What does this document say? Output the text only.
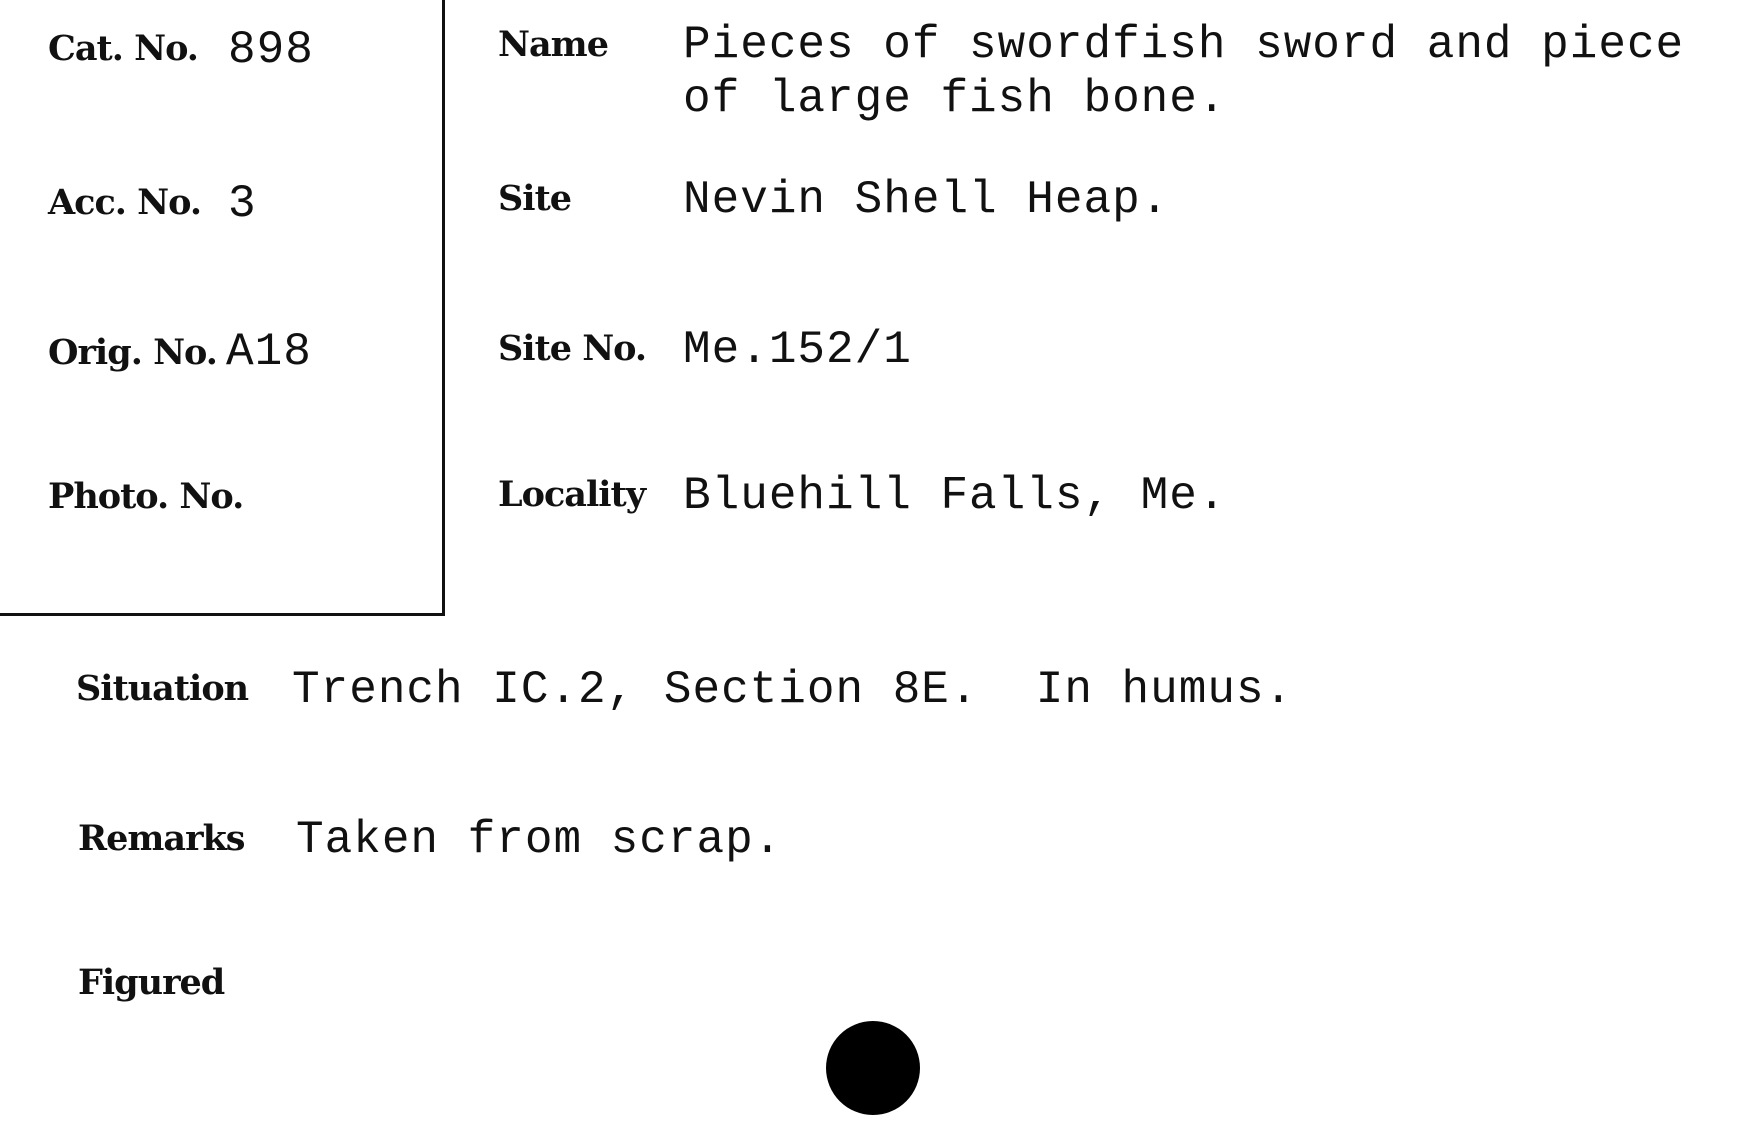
Cat. No. 898
Acc. No. 3
Orig. No. A18
Photo. No.
Name Pieces of swordfish sword and piece
of large fish bone.
Site Nevin Shell Heap.
Site No. Me.152/1
Locality Bluehill Falls, Me.
Situation Trench IC.2, Section 8E.  In humus.
Remarks Taken from scrap.
Figured
